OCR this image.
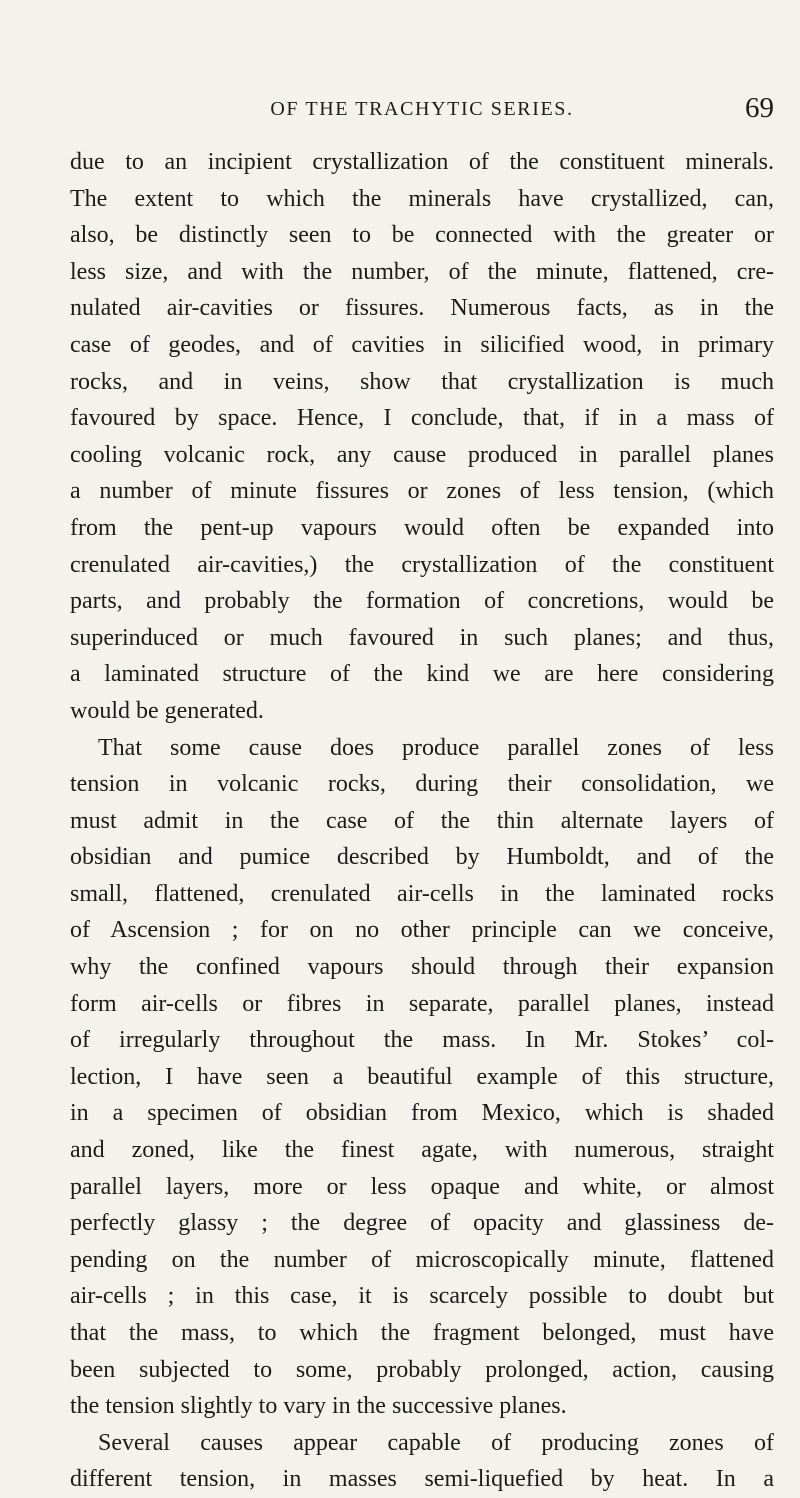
OF THE TRACHYTIC SERIES.	69
due to an incipient crystallization of the constituent minerals.
The extent to which the minerals have crystallized, can,
also, be distinctly seen to be connected with the greater or
less size, and with the number, of the minute, flattened, cre-
nulated air-cavities or fissures. Numerous facts, as in the
case of geodes, and of cavities in silicified wood, in primary
rocks, and in veins, show that crystallization is much
favoured by space. Hence, I conclude, that, if in a mass of
cooling volcanic rock, any cause produced in parallel planes
a number of minute fissures or zones of less tension, (which
from the pent-up vapours would often be expanded into
crenulated air-cavities,) the crystallization of the constituent
parts, and probably the formation of concretions, would be
superinduced or much favoured in such planes; and thus,
a laminated structure of the kind we are here considering
would be generated.
That some cause does produce parallel zones of less
tension in volcanic rocks, during their consolidation, we
must admit in the case of the thin alternate layers of
obsidian and pumice described by Humboldt, and of the
small, flattened, crenulated air-cells in the laminated rocks
of Ascension ; for on no other principle can we conceive,
why the confined vapours should through their expansion
form air-cells or fibres in separate, parallel planes, instead
of irregularly throughout the mass. In Mr. Stokes’ col-
lection, I have seen a beautiful example of this structure,
in a specimen of obsidian from Mexico, which is shaded
and zoned, like the finest agate, with numerous, straight
parallel layers, more or less opaque and white, or almost
perfectly glassy ; the degree of opacity and glassiness de-
pending on the number of microscopically minute, flattened
air-cells ; in this case, it is scarcely possible to doubt but
that the mass, to which the fragment belonged, must have
been subjected to some, probably prolonged, action, causing
the tension slightly to vary in the successive planes.
Several causes appear capable of producing zones of
different tension, in masses semi-liquefied by heat. In a
